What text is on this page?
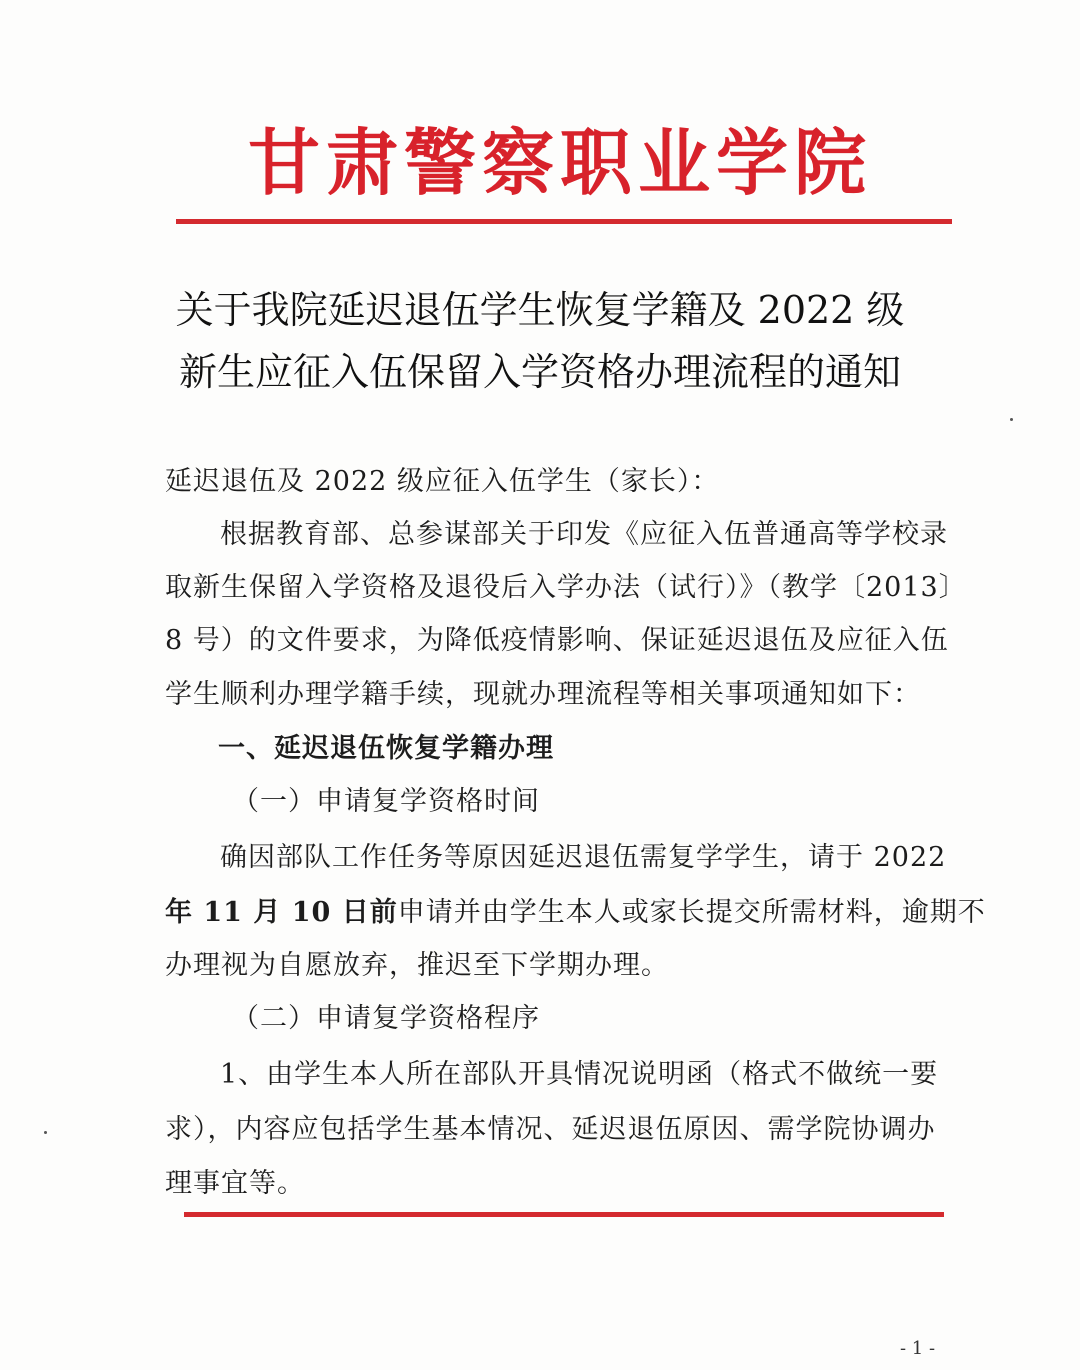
甘肃警察职业学院
关于我院延迟退伍学生恢复学籍及 2022 级
新生应征入伍保留入学资格办理流程的通知
延迟退伍及 2022 级应征入伍学生（家长）：
根据教育部、总参谋部关于印发《应征入伍普通高等学校录
取新生保留入学资格及退役后入学办法（试行）》（教学〔2013〕
8 号）的文件要求，为降低疫情影响、保证延迟退伍及应征入伍
学生顺利办理学籍手续，现就办理流程等相关事项通知如下：
一、延迟退伍恢复学籍办理
（一）申请复学资格时间
确因部队工作任务等原因延迟退伍需复学学生，请于 2022
年 11 月 10 日前申请并由学生本人或家长提交所需材料，逾期不
办理视为自愿放弃，推迟至下学期办理。
（二）申请复学资格程序
1、由学生本人所在部队开具情况说明函（格式不做统一要
求），内容应包括学生基本情况、延迟退伍原因、需学院协调办
理事宜等。
- 1 -
